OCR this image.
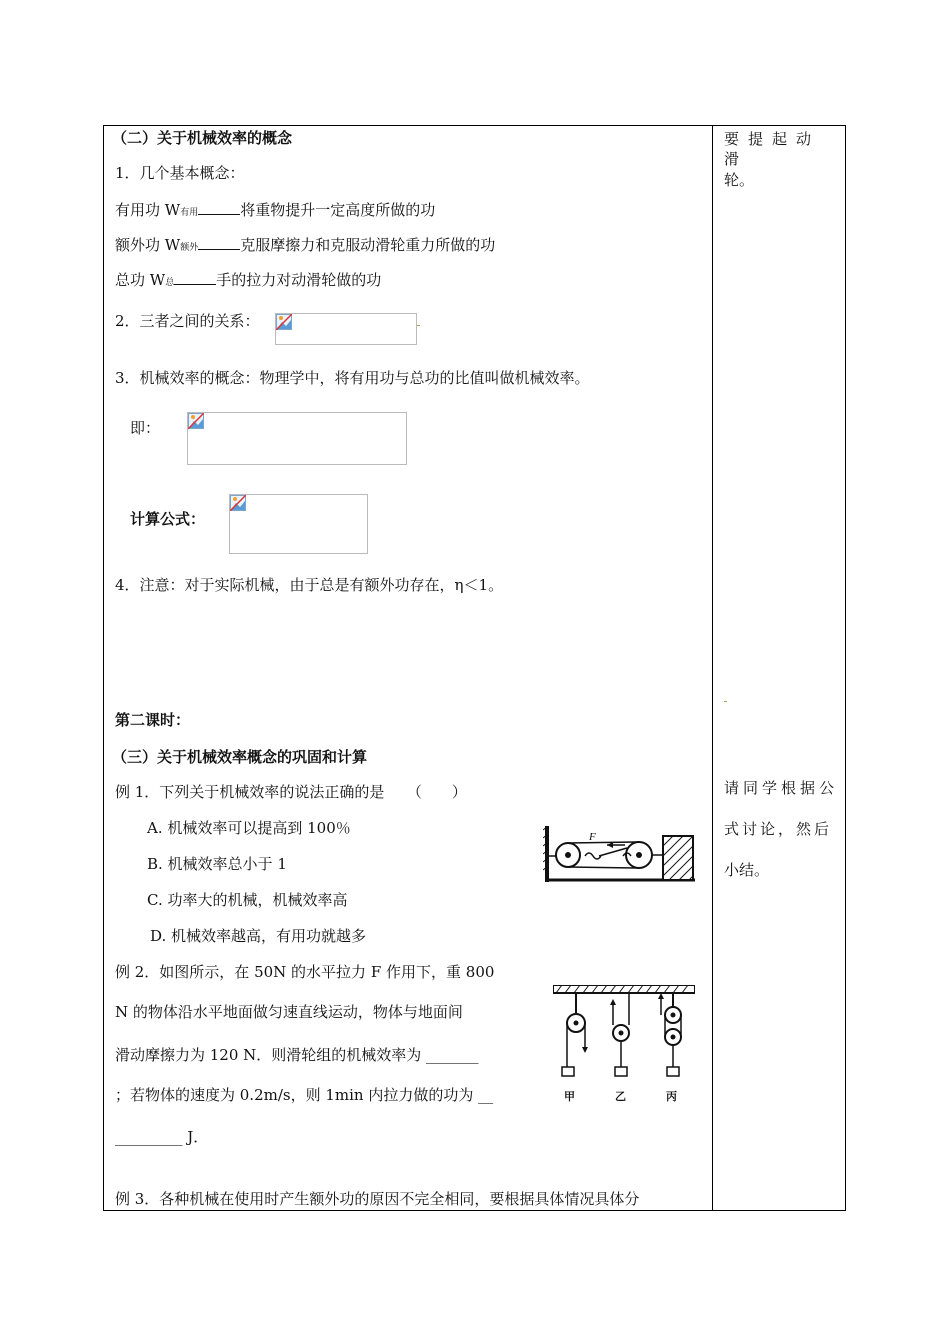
（二）关于机械效率的概念
1．几个基本概念：
有用功 W有用	将重物提升一定高度所做的功
额外功 W额外	克服摩擦力和克服动滑轮重力所做的功
总功 W总	手的拉力对动滑轮做的功
2．三者之间的关系：
3．机械效率的概念：物理学中，将有用功与总功的比值叫做机械效率。
即：
计算公式：
4．注意：对于实际机械，由于总是有额外功存在，η＜1。
第二课时：
（三）关于机械效率概念的巩固和计算
例 1．下列关于机械效率的说法正确的是　　（　　）
A. 机械效率可以提高到 100％
B. 机械效率总小于 1
C. 功率大的机械，机械效率高
D. 机械效率越高，有用功就越多
F
例 2．如图所示，在 50N 的水平拉力 F 作用下，重 800
N 的物体沿水平地面做匀速直线运动，物体与地面间
滑动摩擦力为 120 N．则滑轮组的机械效率为 _______
；若物体的速度为 0.2m/s，则 1min 内拉力做的功为 __
_________ J．
甲	乙	丙
例 3．各种机械在使用时产生额外功的原因不完全相同，要根据具体情况具体分
要提起动滑
轮。
请同学根据公
式讨论，然后
小结。
